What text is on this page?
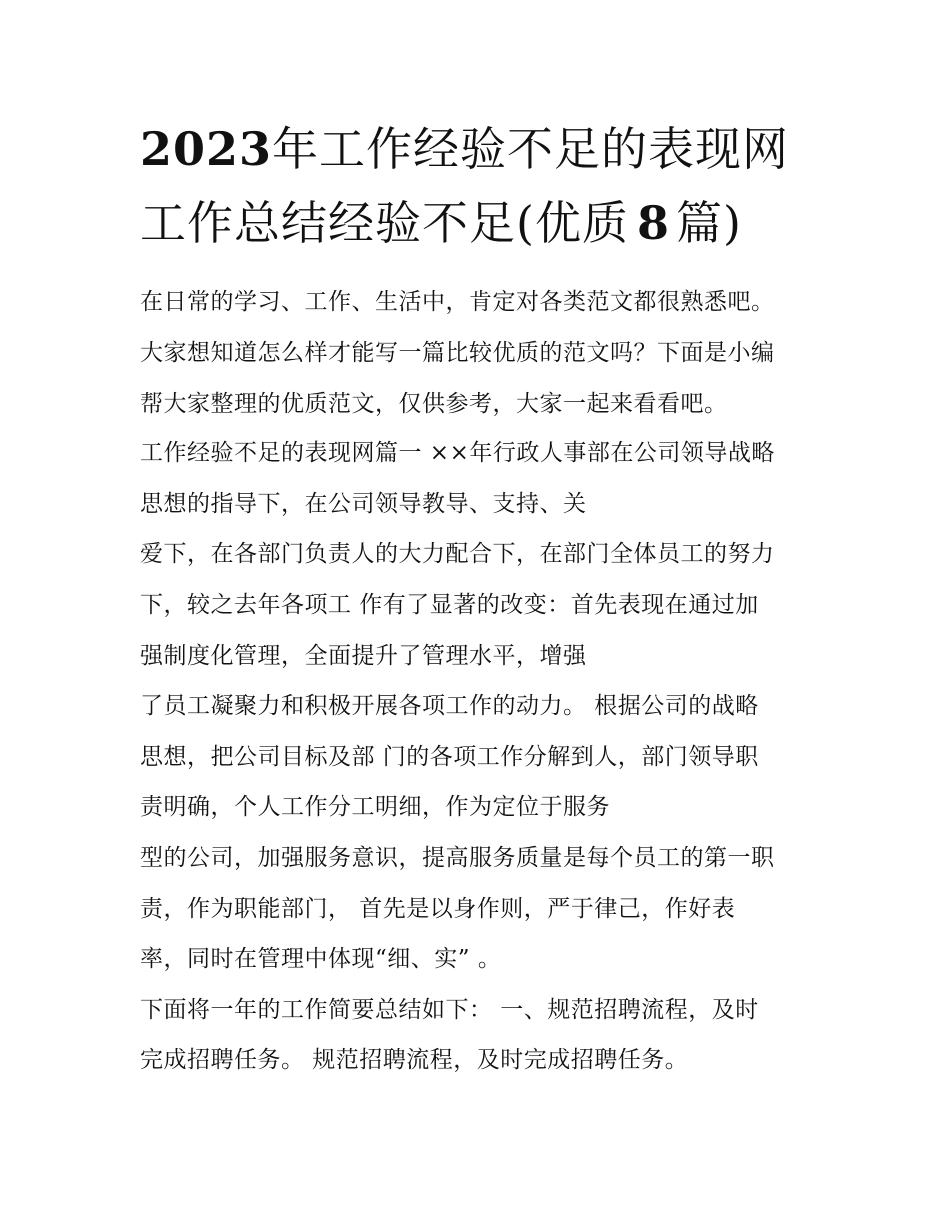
2023年工作经验不足的表现网
工作总结经验不足(优质 8 篇)
在日常的学习、工作、生活中，肯定对各类范文都很熟悉吧。
大家想知道怎么样才能写一篇比较优质的范文吗？下面是小编
帮大家整理的优质范文，仅供参考，大家一起来看看吧。
工作经验不足的表现网篇一 ××年行政人事部在公司领导战略
思想的指导下，在公司领导教导、支持、关
爱下，在各部门负责人的大力配合下，在部门全体员工的努力
下，较之去年各项工 作有了显著的改变：首先表现在通过加
强制度化管理，全面提升了管理水平，增强
了员工凝聚力和积极开展各项工作的动力。 根据公司的战略
思想，把公司目标及部 门的各项工作分解到人，部门领导职
责明确，个人工作分工明细，作为定位于服务
型的公司，加强服务意识，提高服务质量是每个员工的第一职
责，作为职能部门， 首先是以身作则，严于律己，作好表
率，同时在管理中体现“细、实” 。
下面将一年的工作简要总结如下： 一、规范招聘流程，及时
完成招聘任务。 规范招聘流程，及时完成招聘任务。
